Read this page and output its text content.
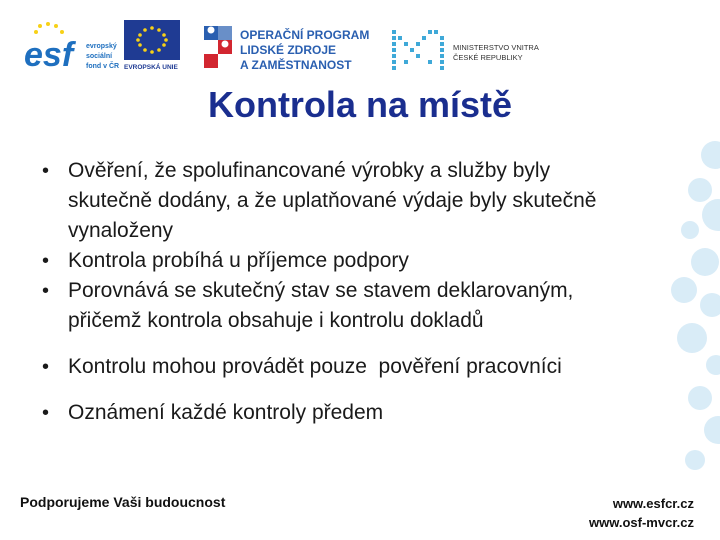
esf	evropský
sociální
fond v ČR EVROPSKÁ UNIE
OPERAČNÍ PROGRAM
LIDSKÉ ZDROJE
A ZAMĚSTNANOST
MINISTERSTVO VNITRA
ČESKÉ REPUBLIKY
Kontrola na místě
• Ověření, že spolufinancované výrobky a služby byly
skutečně dodány, a že uplatňované výdaje byly skutečně
vynaloženy
• Kontrola probíhá u příjemce podpory
• Porovnává se skutečný stav se stavem deklarovaným,
přičemž kontrola obsahuje i kontrolu dokladů
• Kontrolu mohou provádět pouze  pověření pracovníci
• Oznámení každé kontroly předem
Podporujeme Vaši budoucnost	www.esfcr.cz
www.osf-mvcr.cz
